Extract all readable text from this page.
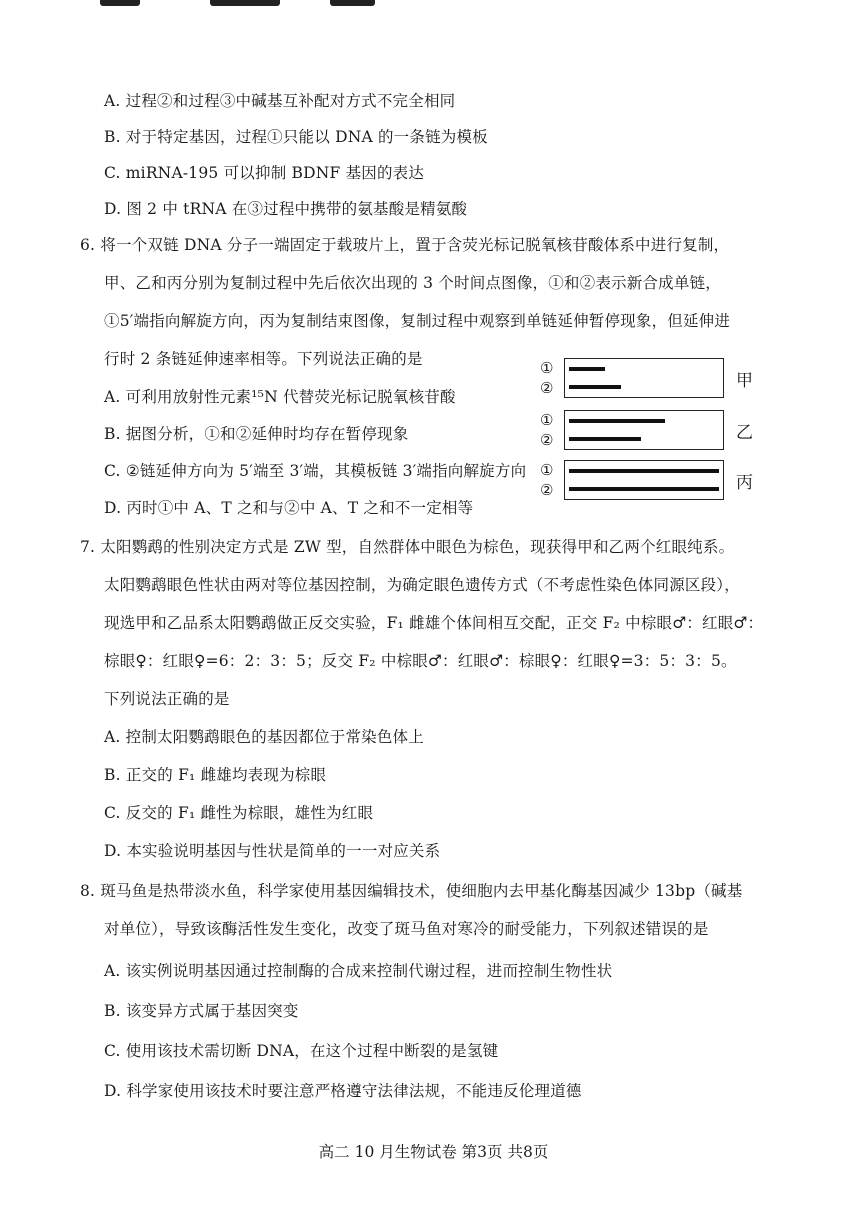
A. 过程②和过程③中碱基互补配对方式不完全相同
B. 对于特定基因，过程①只能以 DNA 的一条链为模板
C. miRNA-195 可以抑制 BDNF 基因的表达
D. 图 2 中 tRNA 在③过程中携带的氨基酸是精氨酸
6. 将一个双链 DNA 分子一端固定于载玻片上，置于含荧光标记脱氧核苷酸体系中进行复制，
甲、乙和丙分别为复制过程中先后依次出现的 3 个时间点图像，①和②表示新合成单链，
①5′端指向解旋方向，丙为复制结束图像，复制过程中观察到单链延伸暂停现象，但延伸进
行时 2 条链延伸速率相等。下列说法正确的是
A. 可利用放射性元素¹⁵N 代替荧光标记脱氧核苷酸
B. 据图分析，①和②延伸时均存在暂停现象
C. ②链延伸方向为 5′端至 3′端，其模板链 3′端指向解旋方向
D. 丙时①中 A、T 之和与②中 A、T 之和不一定相等
①
②	甲
①
②	乙
①
②	丙
7. 太阳鹦鹉的性别决定方式是 ZW 型，自然群体中眼色为棕色，现获得甲和乙两个红眼纯系。
太阳鹦鹉眼色性状由两对等位基因控制，为确定眼色遗传方式（不考虑性染色体同源区段），
现选甲和乙品系太阳鹦鹉做正反交实验，F₁ 雌雄个体间相互交配，正交 F₂ 中棕眼♂：红眼♂：
棕眼♀：红眼♀=6：2：3：5；反交 F₂ 中棕眼♂：红眼♂：棕眼♀：红眼♀=3：5：3：5。
下列说法正确的是
A. 控制太阳鹦鹉眼色的基因都位于常染色体上
B. 正交的 F₁ 雌雄均表现为棕眼
C. 反交的 F₁ 雌性为棕眼，雄性为红眼
D. 本实验说明基因与性状是简单的一一对应关系
8. 斑马鱼是热带淡水鱼，科学家使用基因编辑技术，使细胞内去甲基化酶基因减少 13bp（碱基
对单位），导致该酶活性发生变化，改变了斑马鱼对寒冷的耐受能力，下列叙述错误的是
A. 该实例说明基因通过控制酶的合成来控制代谢过程，进而控制生物性状
B. 该变异方式属于基因突变
C. 使用该技术需切断 DNA，在这个过程中断裂的是氢键
D. 科学家使用该技术时要注意严格遵守法律法规，不能违反伦理道德
高二 10 月生物试卷 第3页 共8页
